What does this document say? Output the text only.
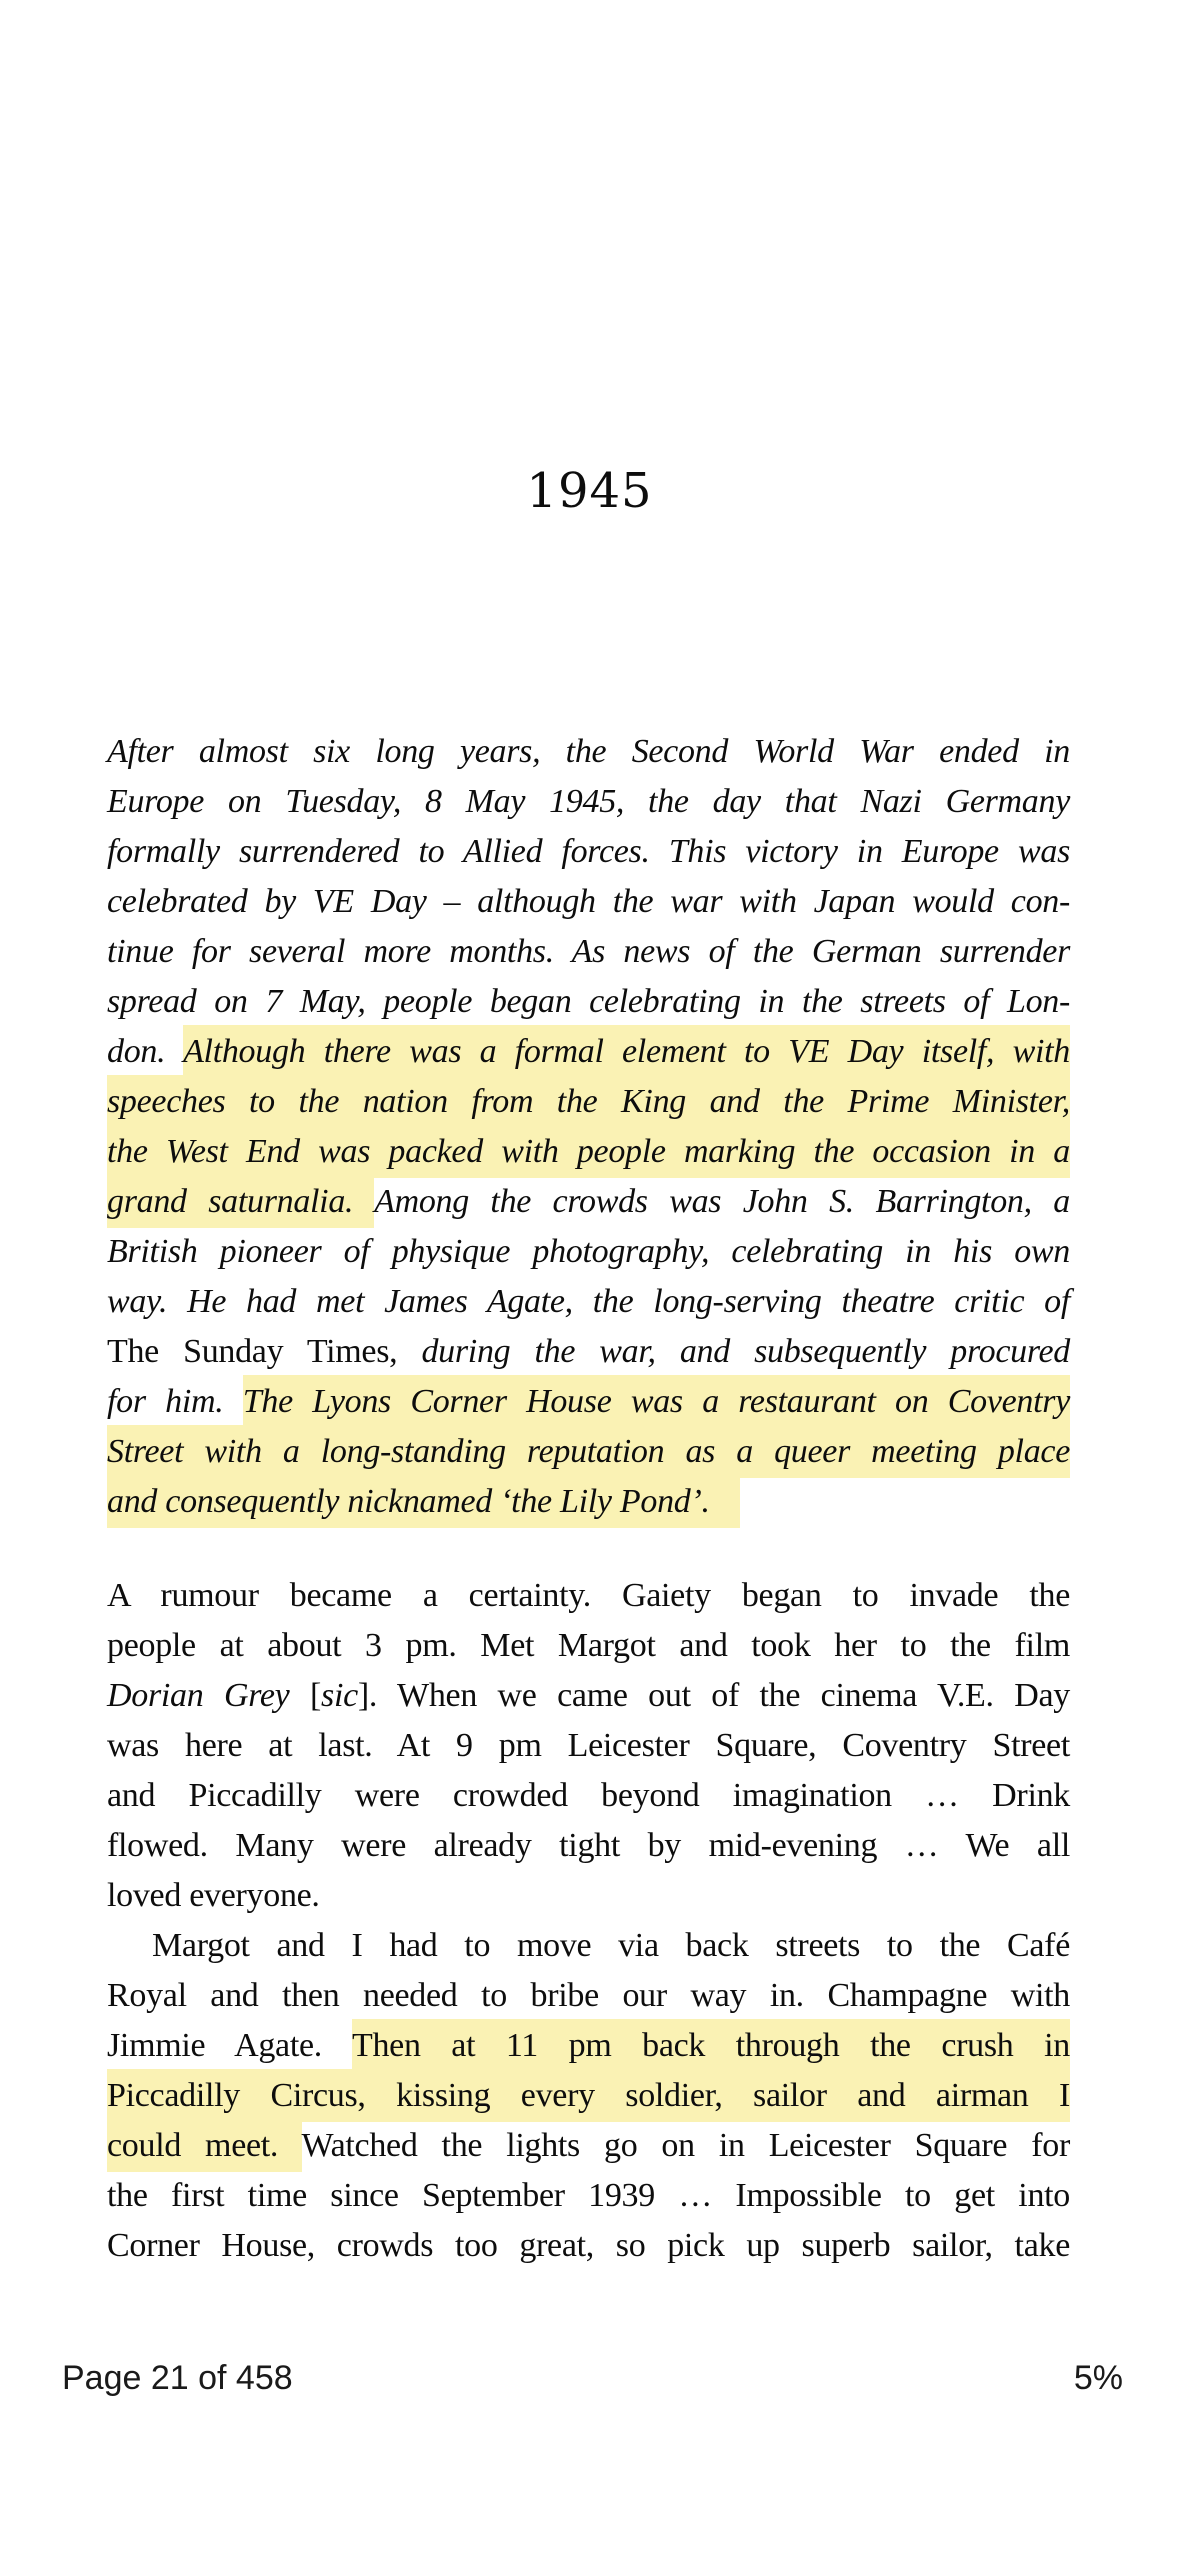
1945
After almost six long years, the Second World War ended in
Europe on Tuesday, 8 May 1945, the day that Nazi Germany
formally surrendered to Allied forces. This victory in Europe was
celebrated by VE Day – although the war with Japan would con-
tinue for several more months. As news of the German surrender
spread on 7 May, people began celebrating in the streets of Lon-
don. Although there was a formal element to VE Day itself, with
speeches to the nation from the King and the Prime Minister,
the West End was packed with people marking the occasion in a
grand saturnalia. Among the crowds was John S. Barrington, a
British pioneer of physique photography, celebrating in his own
way. He had met James Agate, the long-serving theatre critic of
The Sunday Times, during the war, and subsequently procured
for him. The Lyons Corner House was a restaurant on Coventry
Street with a long-standing reputation as a queer meeting place
and consequently nicknamed ‘the Lily Pond’.
A rumour became a certainty. Gaiety began to invade the
people at about 3 pm. Met Margot and took her to the film
Dorian Grey [sic]. When we came out of the cinema V.E. Day
was here at last. At 9 pm Leicester Square, Coventry Street
and Piccadilly were crowded beyond imagination … Drink
flowed. Many were already tight by mid-evening … We all
loved everyone.
Margot and I had to move via back streets to the Café
Royal and then needed to bribe our way in. Champagne with
Jimmie Agate. Then at 11 pm back through the crush in
Piccadilly Circus, kissing every soldier, sailor and airman I
could meet. Watched the lights go on in Leicester Square for
the first time since September 1939 … Impossible to get into
Corner House, crowds too great, so pick up superb sailor, take
Page 21 of 458	5%
